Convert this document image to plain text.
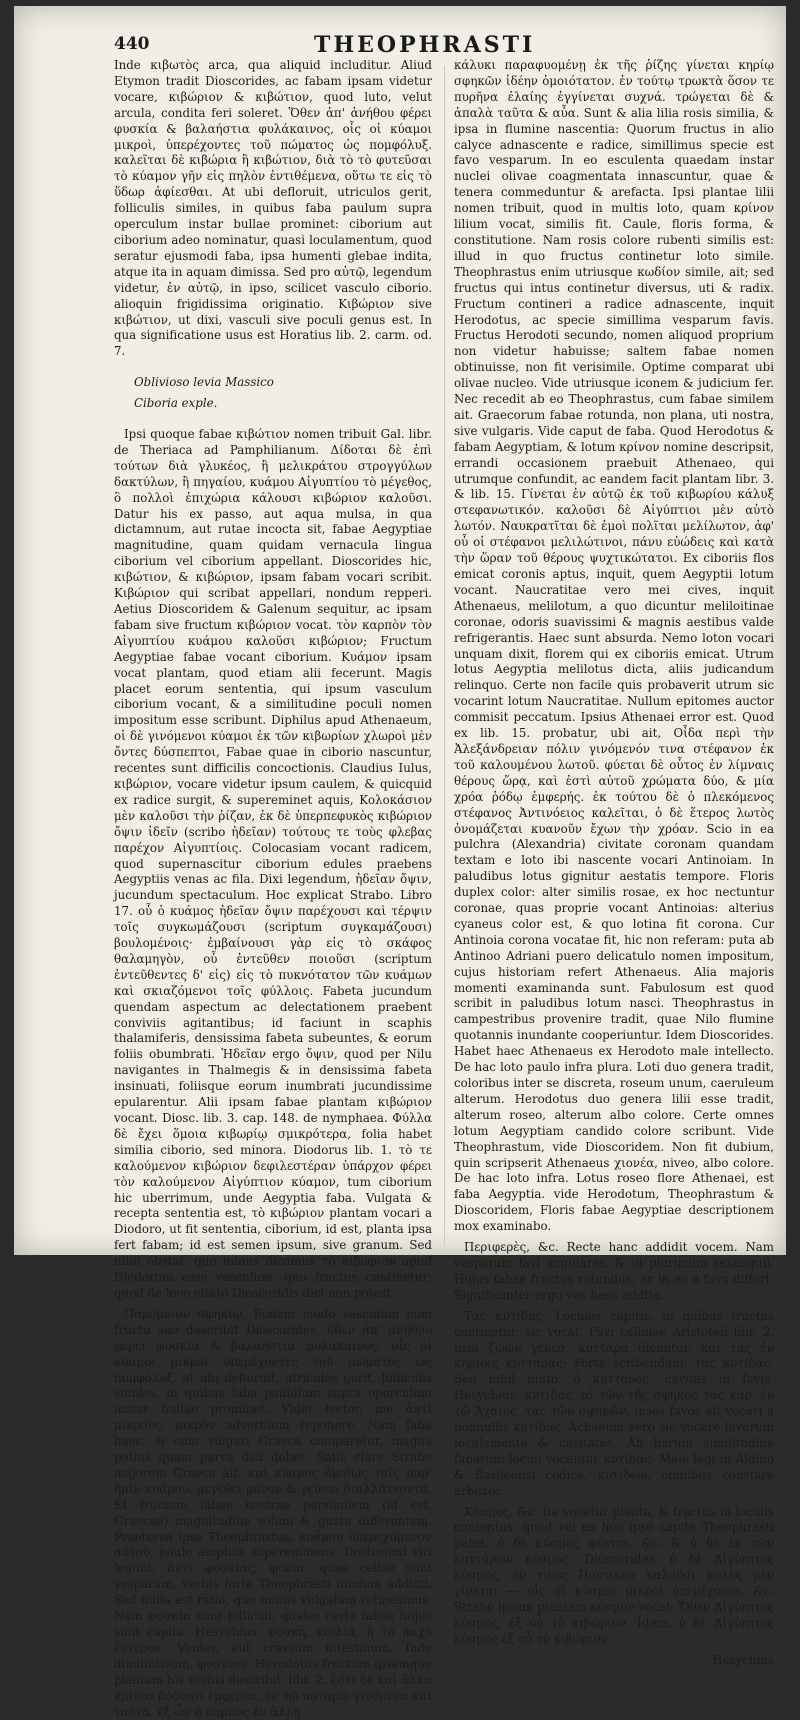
440	THEOPHRASTI

Inde κιβωτὸς arca, qua aliquid includitur. Aliud Etymon tradit Dioscorides, ac fabam ipsam videtur vocare, κιβώριον & κιβώτιον, quod luto, velut arcula, condita feri soleret. Ὅθεν ἀπ' ἀνήθου φέρει φυσκία & βαλαήστια φυλάκαινος, οἷς οἱ κύαμοι μικροὶ, ὑπερέχοντες τοῦ πώματος ὡς πομφόλυξ. καλεῖται δὲ κιβώρια ἢ κιβώτιον, διὰ τὸ τὸ φυτεῦσαι τὸ κύαμον γῆν εἰς πηλὸν ἐντιθέμενα, οὕτω τε εἰς τὸ ὕδωρ ἀφίεσθαι. At ubi defloruit, utriculos gerit, folliculis similes, in quibus faba paulum supra operculum instar bullae prominet: ciborium aut ciborium adeo nominatur, quasi loculamentum, quod seratur ejusmodi faba, ipsa humenti glebae indita, atque ita in aquam dimissa. Sed pro αὐτῷ, legendum videtur, ἐν αὐτῷ, in ipso, scilicet vasculo ciborio. alioquin frigidissima originatio. Κιβώριον sive κιβώτιον, ut dixi, vasculi sive poculi genus est. In qua significatione usus est Horatius lib. 2. carm. od. 7.

Oblivioso levia Massico

Ciboria exple.

Ipsi quoque fabae κιβώτιον nomen tribuit Gal. libr. de Theriaca ad Pamphilianum. Δίδοται δὲ ἐπὶ τούτων διὰ γλυκέος, ἢ μελικράτου στρογγύλων δακτύλων, ἢ πηγαίου, κυάμου Αἰγυπτίου τὸ μέγεθος, ὃ πολλοὶ ἐπιχώρια κάλουσι κιβώριον καλοῦσι. Datur his ex passo, aut aqua mulsa, in qua dictamnum, aut rutae incocta sit, fabae Aegyptiae magnitudine, quam quidam vernacula lingua ciborium vel ciborium appellant. Dioscorides hic, κιβώτιον, & κιβώριον, ipsam fabam vocari scribit. Κιβώριον qui scribat appellari, nondum repperi. Aetius Dioscoridem & Galenum sequitur, ac ipsam fabam sive fructum κιβώριον vocat. τὸν καρπὸν τὸν Αἰγυπτίου κυάμου καλοῦσι κιβώριον; Fructum Aegyptiae fabae vocant ciborium. Κυάμον ipsam vocat plantam, quod etiam alii fecerunt. Magis placet eorum sententia, qui ipsum vasculum ciborium vocant, & a similitudine poculi nomen impositum esse scribunt. Diphilus apud Athenaeum, οἱ δὲ γινόμενοι κύαμοι ἐκ τῶν κιβωρίων χλωροὶ μὲν ὄντες δύσπεπτοι, Fabae quae in ciborio nascuntur, recentes sunt difficilis concoctionis. Claudius Iulus, κιβώριον, vocare videtur ipsum caulem, & quicquid ex radice surgit, & supereminet aquis, Κολοκάσιον μὲν καλοῦσι τὴν ῥίζαν, ἐκ δὲ ὑπερπεφυκὸς κιβώριον ὄψιν ἰδεῖν (scribo ἡδεῖαν) τούτους τε τοὺς φλεβας παρέχον Αἰγυπτίοις. Colocasiam vocant radicem, quod supernascitur ciborium edules praebens Aegyptiis venas ac fila. Dixi legendum, ἡδεῖαν ὄψιν, jucundum spectaculum. Hoc explicat Strabo. Libro 17. οὗ ὁ κυάμος ἡδεῖαν ὄψιν παρέχουσι καὶ τέρψιν τοῖς συγκωμάζουσι (scriptum συγκαμάζουσι) βουλομένοις· ἐμβαίνουσι γὰρ εἰς τὸ σκάφος θαλαμηγὸν, οὗ ἐντεῦθεν ποιοῦσι (scriptum ἐντεῦθεντες δ' εἰς) εἰς τὸ πυκνότατον τῶν κυάμων καὶ σκιαζόμενοι τοῖς φύλλοις. Fabeta jucundum quendam aspectum ac delectationem praebent conviviis agitantibus; id faciunt in scaphis thalamiferis, densissima fabeta subeuntes, & eorum foliis obumbrati. Ἡδεῖαν ergo ὄψιν, quod per Nilu navigantes in Thalmegis & in densissima fabeta insinuati, foliisque eorum inumbrati jucundissime epularentur. Alii ipsam fabae plantam κιβώριον vocant. Diosc. lib. 3. cap. 148. de nymphaea. Φύλλα δὲ ἔχει ὅμοια κιβωρίῳ σμικρότερα, folia habet similia ciborio, sed minora. Diodorus lib. 1. τὸ τε καλούμενον κιβώριον δεφιλεστέραν ὑπάρχον φέρει τὸν καλούμενον Αἰγύπτιον κύαμον, tum ciborium hic uberrimum, unde Aegyptia faba. Vulgata & recepta sententia est, τὸ κιβώριον plantam vocari a Diodoro, ut fit sententia, ciborium, id est, planta ipsa fert fabam; id est semen ipsum, sive granum. Sed nihil obstat, quo minus dicamus τὸ κιβώριον apud Diodorum esse vasculum, quo fructus continetur; quod de loco citato Dioscoridis dici non potest.

Παρόμοιον σφηκίῳ. Eodem modo vasculum cum fructu suo describit Dioscorides, ὅθεν ἀπ' ἀνήθου φέρει φυσκία & βαλαήστια φυλάκαινος, οἷς οἱ κύαμοι μικροὶ ὑπερέχοντες τοῦ πώματος ὡς πομφόλυξ. at ubi defloruit, utriculos gerit, folliculis similes, in quibus faba paululum supra operculum instar bullae prominet. Videt lector, me ἀντὶ μικροὺς, μικρὸν adverbium reponere. Nam faba haec, si cum vulgari Graeca comparetur, magna potius quam parva dici debet. Satis clare Strabo majorem Graeca ait. καὶ κύαμος ὁμοίως ταῖς παρ' ἡμῖν κυάμου, μεγέθει μόνον & γεύσει διαλλάττοντα, Et fructum fabae nostrae persimilem (id est, Graecae) magnitudine solum & gustu differentem. Praeterea ipse Theophrastus, κυάμου ὑπερεχόμενον αὐτοῦ, paulo amplius supereminens. Doctissimi viri legunt, ἀντὶ φυσκίας, φυκία, quae cellae sunt vesparum, verbis forte Theophrasti nimium addicti. Sed nulla est ratio, quo minus vulgatam retineamus. Nam φυσκία sunt folliculi; quales certe fabae hujus sunt capita. Hesychius, φύσκη, κοιλία, ἢ τὸ παχὺ ἔντερον. Venter, aut crassum intestinum. Inde diminutivum, φυσκίον. Herodotus fructum ipsamque plantam his verbis describit. libr. 2. ἔστι δὲ καὶ ἄλλα κρίνεα ῥόδοισι ἐμφερέα, ἐν τῷ ποταμῷ γινόμενα καὶ ταῦτα. ἐξ ὧν ὁ καρπὸς ἐν ἄλλῃ

κάλυκι παραφυομένῃ ἐκ τῆς ῥίζης γίνεται κηρίῳ σφηκῶν ἰδέην ὁμοιότατον. ἐν τούτῳ τρωκτὰ ὅσον τε πυρῆνα ἐλαίης ἐγγίνεται συχνά. τρώγεται δὲ & ἁπαλὰ ταῦτα & αὖα. Sunt & alia lilia rosis similia, & ipsa in flumine nascentia: Quorum fructus in alio calyce adnascente e radice, simillimus specie est favo vesparum. In eo esculenta quaedam instar nuclei olivae coagmentata innascuntur, quae & tenera commeduntur & arefacta. Ipsi plantae lilii nomen tribuit, quod in multis loto, quam κρίνον lilium vocat, similis fit. Caule, floris forma, & constitutione. Nam rosis colore rubenti similis est: illud in quo fructus continetur loto simile. Theophrastus enim utriusque κωδίον simile, ait; sed fructus qui intus continetur diversus, uti & radix. Fructum contineri a radice adnascente, inquit Herodotus, ac specie simillima vesparum favis. Fructus Herodoti secundo, nomen aliquod proprium non videtur habuisse; saltem fabae nomen obtinuisse, non fit verisimile. Optime comparat ubi olivae nucleo. Vide utriusque iconem & judicium fer. Nec recedit ab eo Theophrastus, cum fabae similem ait. Graecorum fabae rotunda, non plana, uti nostra, sive vulgaris. Vide caput de faba. Quod Herodotus & fabam Aegyptiam, & lotum κρίνον nomine descripsit, errandi occasionem praebuit Athenaeo, qui utrumque confundit, ac eandem facit plantam libr. 3. & lib. 15. Γίνεται ἐν αὐτῷ ἐκ τοῦ κιβωρίου κάλυξ στεφανωτικόν. καλοῦσι δὲ Αἰγύπτιοι μὲν αὐτὸ λωτόν. Ναυκρατῖται δὲ ἐμοὶ πολῖται μελίλωτον, ἀφ' οὗ οἱ στέφανοι μελιλώτινοι, πάνυ εὐώδεις καὶ κατὰ τὴν ὥραν τοῦ θέρους ψυχτικώτατοι. Ex ciboriis flos emicat coronis aptus, inquit, quem Aegyptii lotum vocant. Naucratitae vero mei cives, inquit Athenaeus, melilotum, a quo dicuntur meliloitinae coronae, odoris suavissimi & magnis aestibus valde refrigerantis. Haec sunt absurda. Nemo loton vocari unquam dixit, florem qui ex ciboriis emicat. Utrum lotus Aegyptia melilotus dicta, aliis judicandum relinquo. Certe non facile quis probaverit utrum sic vocarint lotum Naucratitae. Nullum epitomes auctor commisit peccatum. Ipsius Athenaei error est. Quod ex lib. 15. probatur, ubi ait, Οἶδα περὶ τὴν Ἀλεξάνδρειαν πόλιν γινόμενόν τινα στέφανον ἐκ τοῦ καλουμένου λωτοῦ. φύεται δὲ οὗτος ἐν λίμναις θέρους ὥρᾳ, καὶ ἐστὶ αὐτοῦ χρώματα δύο, & μία χρόα ῥόδῳ ἐμφερής. ἐκ τούτου δὲ ὁ πλεκόμενος στέφανος Ἀντινόειος καλεῖται, ὁ δὲ ἕτερος λωτὸς ὀνομάζεται κυανοῦν ἔχων τὴν χρόαν. Scio in ea pulchra (Alexandria) civitate coronam quandam textam e loto ibi nascente vocari Antinoiam. In paludibus lotus gignitur aestatis tempore. Floris duplex color: alter similis rosae, ex hoc nectuntur coronae, quas proprie vocant Antinoias: alterius cyaneus color est, & quo lotina fit corona. Cur Antinoia corona vocatae fit, hic non referam: puta ab Antinoo Adriani puero delicatulo nomen impositum, cujus historiam refert Athenaeus. Alia majoris momenti examinanda sunt. Fabulosum est quod scribit in paludibus lotum nasci. Theophrastus in campestribus provenire tradit, quae Nilo flumine quotannis inundante cooperiuntur. Idem Dioscorides. Habet haec Athenaeus ex Herodoto male intellecto. De hac loto paulo infra plura. Loti duo genera tradit, coloribus inter se discreta, roseum unum, caeruleum alterum. Herodotus duo genera lilii esse tradit, alterum roseo, alterum albo colore. Certe omnes lotum Aegyptiam candido colore scribunt. Vide Theophrastum, vide Dioscoridem. Non fit dubium, quin scripserit Athenaeus χιονέα, niveo, albo colore. De hac loto infra. Lotus roseo flore Athenaei, est faba Aegyptia. vide Herodotum, Theophrastum & Dioscoridem, Floris fabae Aegyptiae descriptionem mox examinabo.

Περιφερὲς, &c. Recte hanc addidit vocem. Nam vesparum favi angulares, & ut plurimum sexanguli. Hujus fabae fructus rotundus, ac in eo a favo differt. Significanter ergo vox haec addita.

Τὰς κυτίδας. Loculos capitis, in quibus fructus continetur, sic vocat. Favi cellulae Aristoteli libr. 2. περὶ ζώων γενέσ. κυττάρα dicuntur. καὶ τὰς ἐν κηρίοις κυττάρας; Forte scribendum, τὰς κυτίδας. Sed nihil muto. ὁ κύτταρος, cavitas in favis. Hesychius, κυτίδας, αἱ τῶν τῆς σφηκὸς τὰς καρ' ἐν τῷ Ἀχαιὸς. τὰς τῶν σφηκῶν. ipsos favos ait vocari a nonnullis κυτίδας. Achaeum vero sic vocare favorum loculamenta & cavitates. Ab harum similitudine fabarum loculi vocantur κυτίδας. Male legi in Aldino & Basileensi codice, κυτίδων, omnibus constare arbitror.

Κύαμος, &c. Ita vocatur planta, & fructus in loculis contentus. quod vel ex hoc ipso capite Theophrasti patet, ὁ δὲ κύαμος φύεται, &c. & ὁ δὲ ἐκ τῶν κυττάρων κύαμος. Dioscorides, ὁ δὲ Αἰγύπτιος κύαμος, ὃν τινες Ποντικὸν καλοῦσι πολὺς μὲν γίνεται — οἷς οἱ κύαμοι μικροὶ ὑπερέχουσι, &c. Strabo ipsam plantam κύαμον vocat. Ὅθεν Αἰγύπτιος κύαμος, ἐξ οὗ τὸ κιβώριον. Idem, ὁ δὲ Αἰγύπτιος κύαμος ἐξ οὗ τὸ κιβώριον.

Hesychius
